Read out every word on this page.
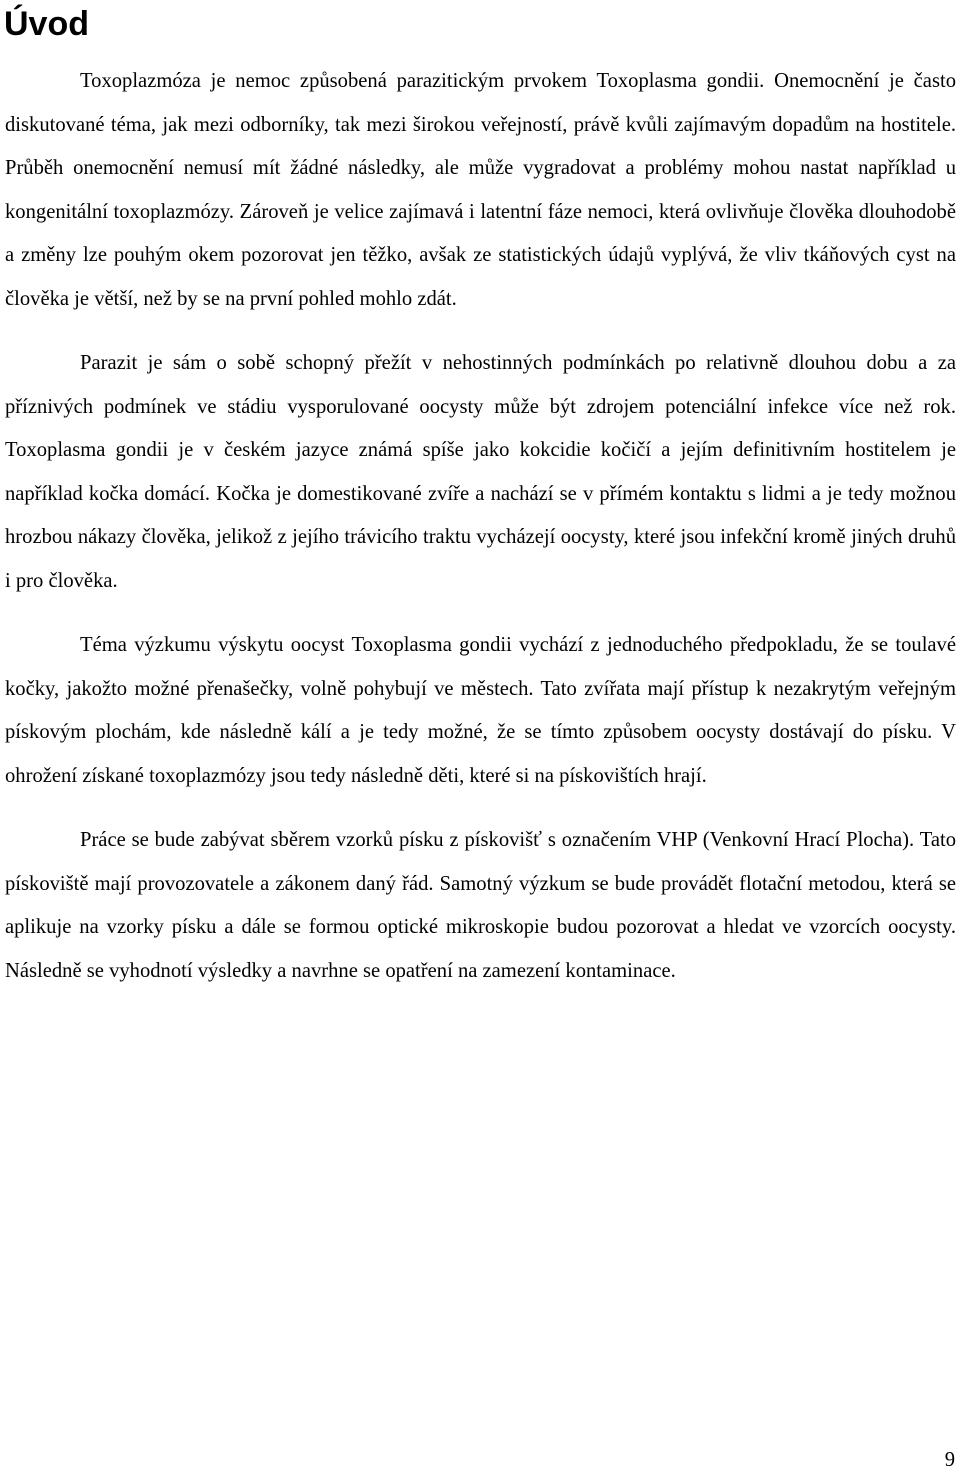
Úvod

Toxoplazmóza je nemoc způsobená parazitickým prvokem Toxoplasma gondii. Onemocnění je často diskutované téma, jak mezi odborníky, tak mezi širokou veřejností, právě kvůli zajímavým dopadům na hostitele. Průběh onemocnění nemusí mít žádné následky, ale může vygradovat a problémy mohou nastat například u kongenitální toxoplazmózy. Zároveň je velice zajímavá i latentní fáze nemoci, která ovlivňuje člověka dlouhodobě a změny lze pouhým okem pozorovat jen těžko, avšak ze statistických údajů vyplývá, že vliv tkáňových cyst na člověka je větší, než by se na první pohled mohlo zdát.

Parazit je sám o sobě schopný přežít v nehostinných podmínkách po relativně dlouhou dobu a za příznivých podmínek ve stádiu vysporulované oocysty může být zdrojem potenciální infekce více než rok. Toxoplasma gondii je v českém jazyce známá spíše jako kokcidie kočičí a jejím definitivním hostitelem je například kočka domácí. Kočka je domestikované zvíře a nachází se v přímém kontaktu s lidmi a je tedy možnou hrozbou nákazy člověka, jelikož z jejího trávicího traktu vycházejí oocysty, které jsou infekční kromě jiných druhů i pro člověka.

Téma výzkumu výskytu oocyst Toxoplasma gondii vychází z jednoduchého předpokladu, že se toulavé kočky, jakožto možné přenašečky, volně pohybují ve městech. Tato zvířata mají přístup k nezakrytým veřejným pískovým plochám, kde následně kálí a je tedy možné, že se tímto způsobem oocysty dostávají do písku. V ohrožení získané toxoplazmózy jsou tedy následně děti, které si na pískovištích hrají.

Práce se bude zabývat sběrem vzorků písku z pískovišť s označením VHP (Venkovní Hrací Plocha). Tato pískoviště mají provozovatele a zákonem daný řád. Samotný výzkum se bude provádět flotační metodou, která se aplikuje na vzorky písku a dále se formou optické mikroskopie budou pozorovat a hledat ve vzorcích oocysty. Následně se vyhodnotí výsledky a navrhne se opatření na zamezení kontaminace.

9
